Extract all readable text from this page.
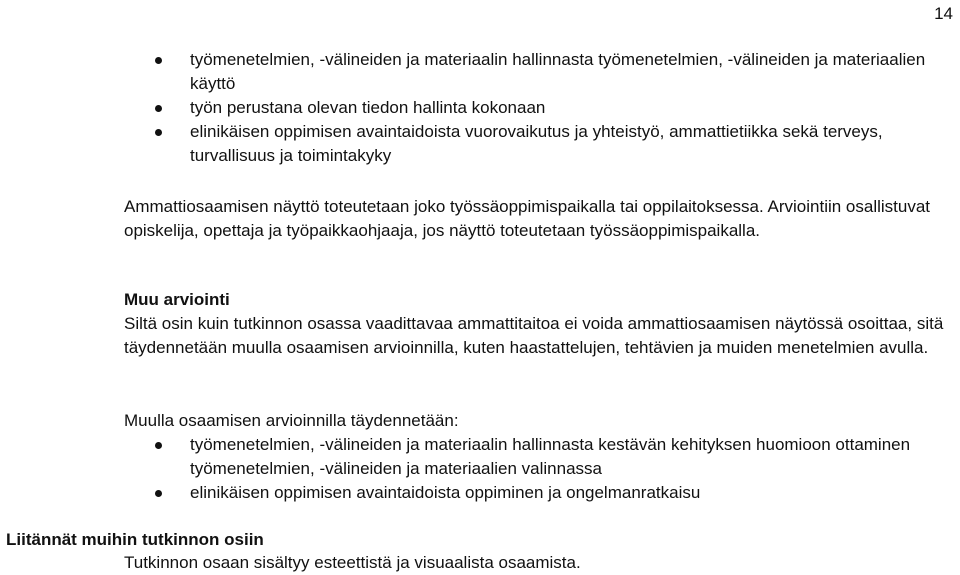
14
työmenetelmien, -välineiden ja materiaalin hallinnasta työmenetelmien, -välineiden ja materiaalien käyttö
työn perustana olevan tiedon hallinta kokonaan
elinikäisen oppimisen avaintaidoista vuorovaikutus ja yhteistyö, ammattietiikka sekä terveys, turvallisuus ja toimintakyky

Ammattiosaamisen näyttö toteutetaan joko työssäoppimispaikalla tai oppilaitoksessa. Arviointiin osallistuvat opiskelija, opettaja ja työpaikkaohjaaja, jos näyttö toteutetaan työssäoppimispaikalla.

Muu arviointi

Siltä osin kuin tutkinnon osassa vaadittavaa ammattitaitoa ei voida ammattiosaamisen näytössä osoittaa, sitä täydennetään muulla osaamisen arvioinnilla, kuten haastattelujen, tehtävien ja muiden menetelmien avulla.

Muulla osaamisen arvioinnilla täydennetään:

työmenetelmien, -välineiden ja materiaalin hallinnasta kestävän kehityksen huomioon ottaminen työmenetelmien, -välineiden ja materiaalien valinnassa
elinikäisen oppimisen avaintaidoista oppiminen ja ongelmanratkaisu
Liitännät muihin tutkinnon osiin

Tutkinnon osaan sisältyy esteettistä ja visuaalista osaamista.
